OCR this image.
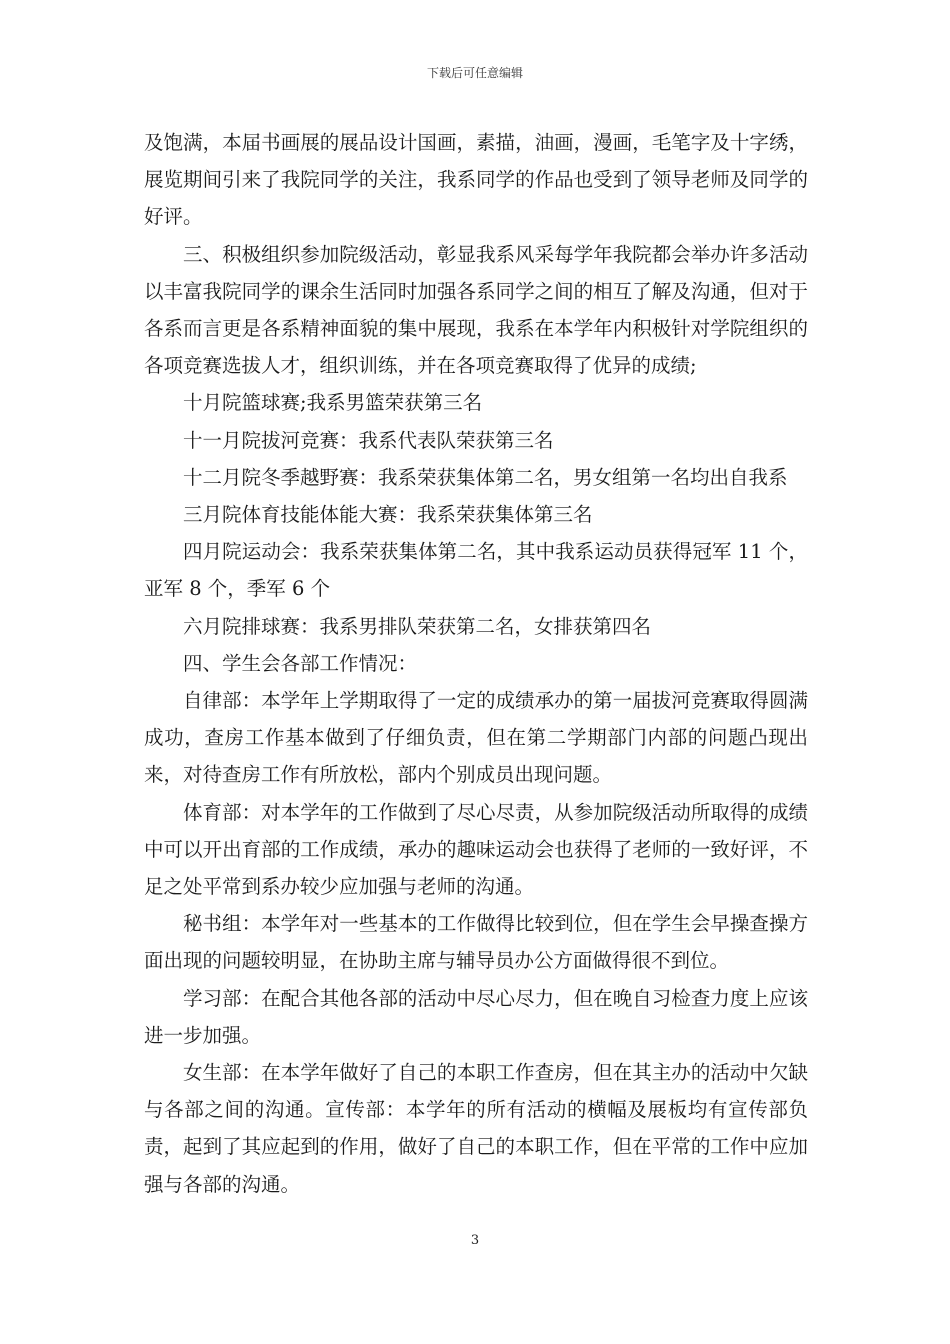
下载后可任意编辑

及饱满，本届书画展的展品设计国画，素描，油画，漫画，毛笔字及十字绣，展览期间引来了我院同学的关注，我系同学的作品也受到了领导老师及同学的好评。

三、积极组织参加院级活动，彰显我系风采每学年我院都会举办许多活动以丰富我院同学的课余生活同时加强各系同学之间的相互了解及沟通，但对于各系而言更是各系精神面貌的集中展现，我系在本学年内积极针对学院组织的各项竞赛选拔人才，组织训练，并在各项竞赛取得了优异的成绩;

十月院篮球赛;我系男篮荣获第三名

十一月院拔河竞赛：我系代表队荣获第三名

十二月院冬季越野赛：我系荣获集体第二名，男女组第一名均出自我系

三月院体育技能体能大赛：我系荣获集体第三名

四月院运动会：我系荣获集体第二名，其中我系运动员获得冠军 11 个，亚军 8 个，季军 6 个

六月院排球赛：我系男排队荣获第二名，女排获第四名

四、学生会各部工作情况：

自律部：本学年上学期取得了一定的成绩承办的第一届拔河竞赛取得圆满成功，查房工作基本做到了仔细负责，但在第二学期部门内部的问题凸现出来，对待查房工作有所放松，部内个别成员出现问题。

体育部：对本学年的工作做到了尽心尽责，从参加院级活动所取得的成绩中可以开出育部的工作成绩，承办的趣味运动会也获得了老师的一致好评，不足之处平常到系办较少应加强与老师的沟通。

秘书组：本学年对一些基本的工作做得比较到位，但在学生会早操查操方面出现的问题较明显，在协助主席与辅导员办公方面做得很不到位。

学习部：在配合其他各部的活动中尽心尽力，但在晚自习检查力度上应该进一步加强。

女生部：在本学年做好了自己的本职工作查房，但在其主办的活动中欠缺与各部之间的沟通。宣传部：本学年的所有活动的横幅及展板均有宣传部负责，起到了其应起到的作用，做好了自己的本职工作，但在平常的工作中应加强与各部的沟通。

3
